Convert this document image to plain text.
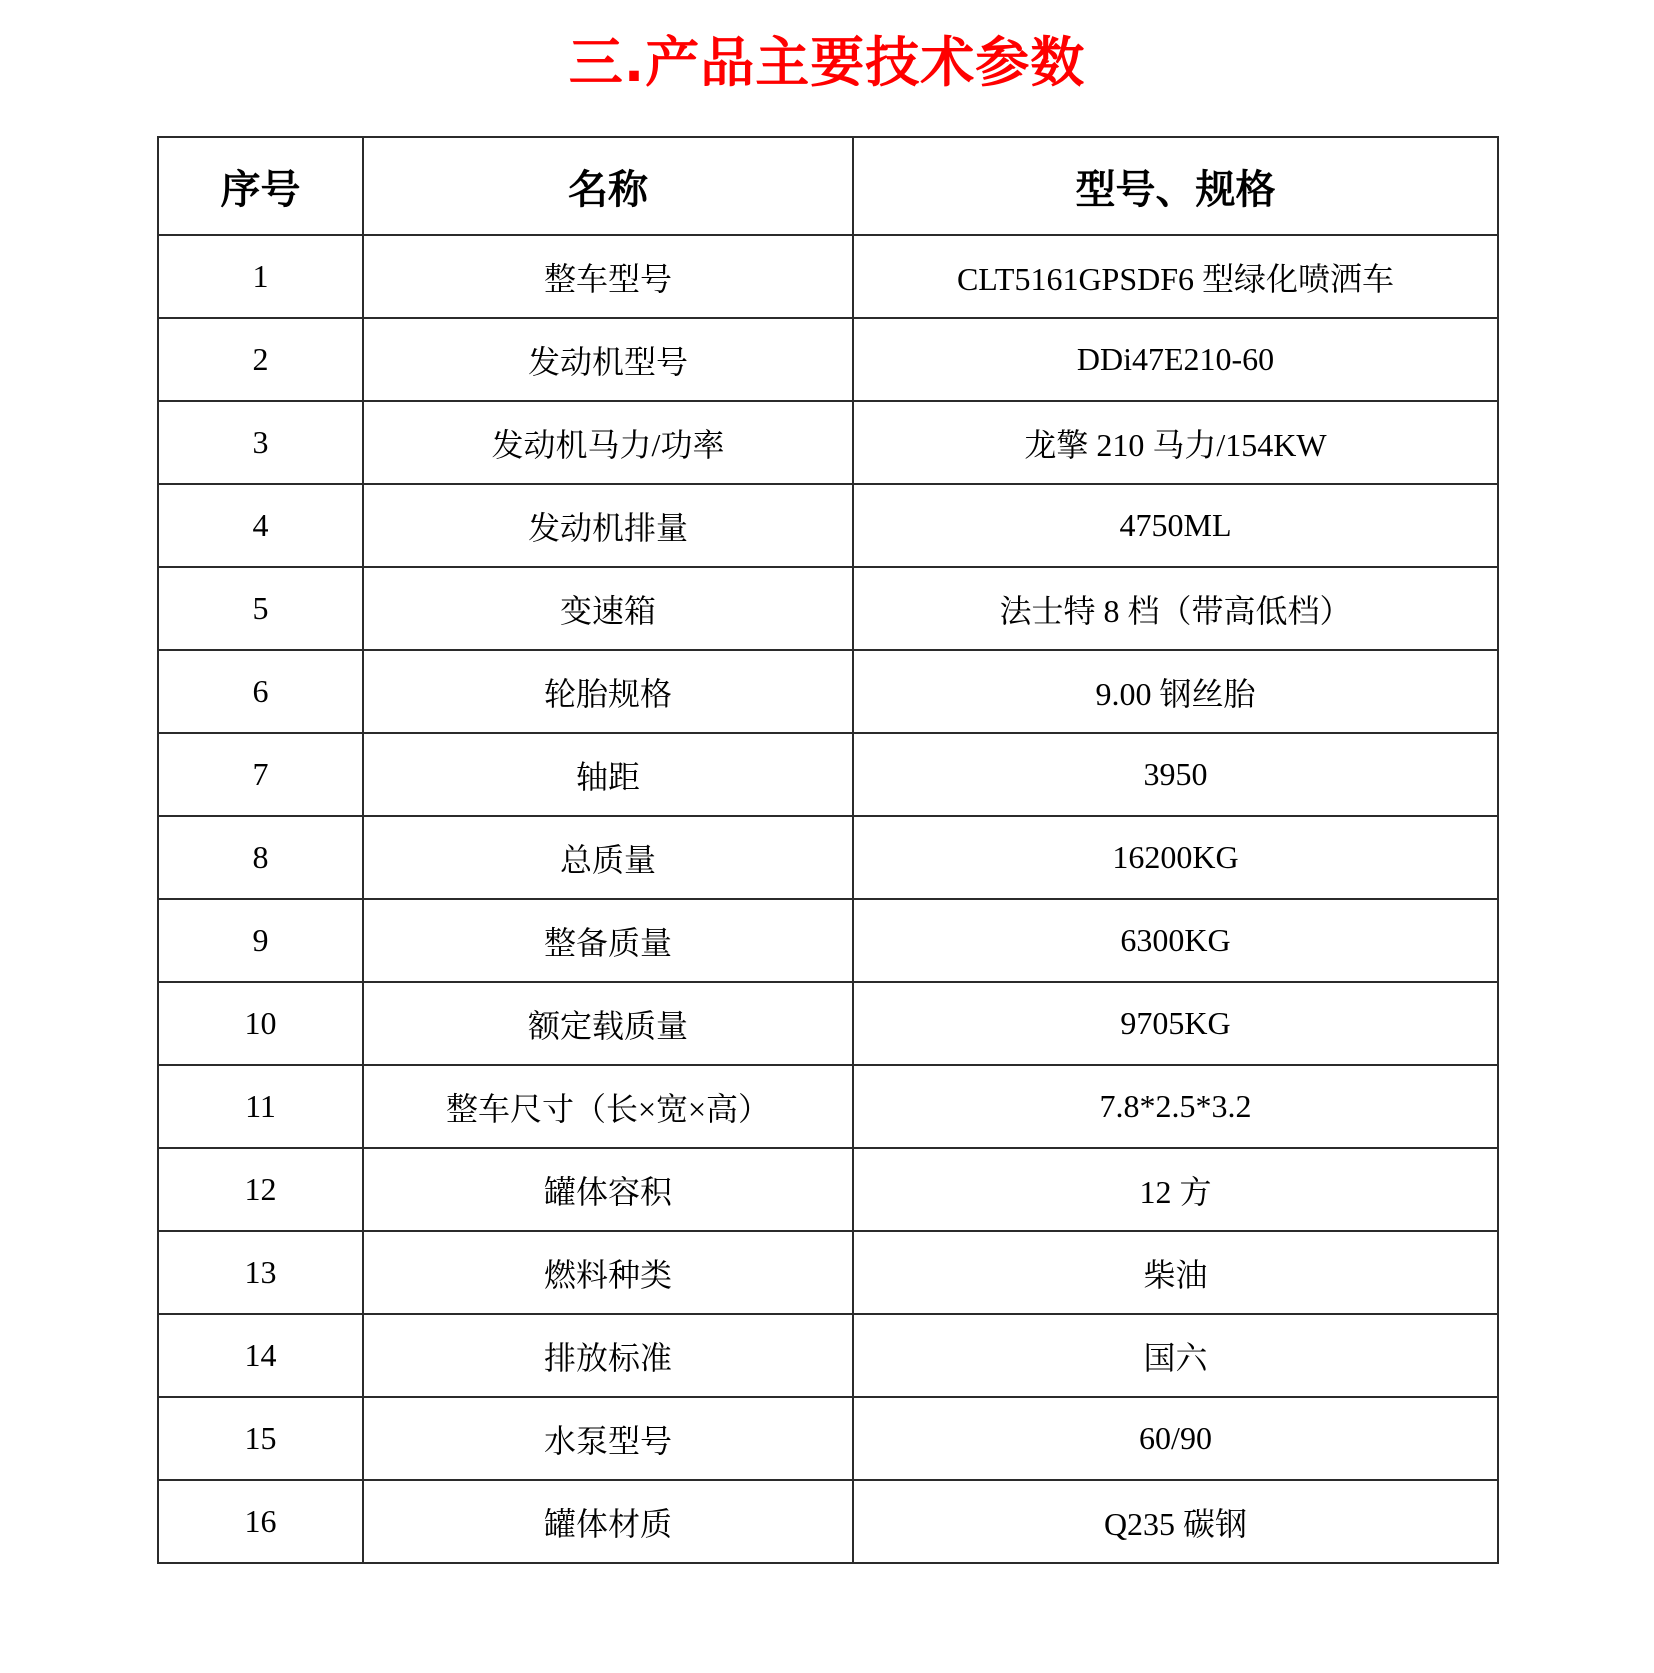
三.产品主要技术参数
序号	名称	型号、规格
1	整车型号	CLT5161GPSDF6 型绿化喷洒车
2	发动机型号	DDi47E210-60
3	发动机马力/功率	龙擎 210 马力/154KW
4	发动机排量	4750ML
5	变速箱	法士特 8 档（带高低档）
6	轮胎规格	9.00 钢丝胎
7	轴距	3950
8	总质量	16200KG
9	整备质量	6300KG
10	额定载质量	9705KG
11	整车尺寸（长×宽×高）	7.8*2.5*3.2
12	罐体容积	12 方
13	燃料种类	柴油
14	排放标准	国六
15	水泵型号	60/90
16	罐体材质	Q235 碳钢
